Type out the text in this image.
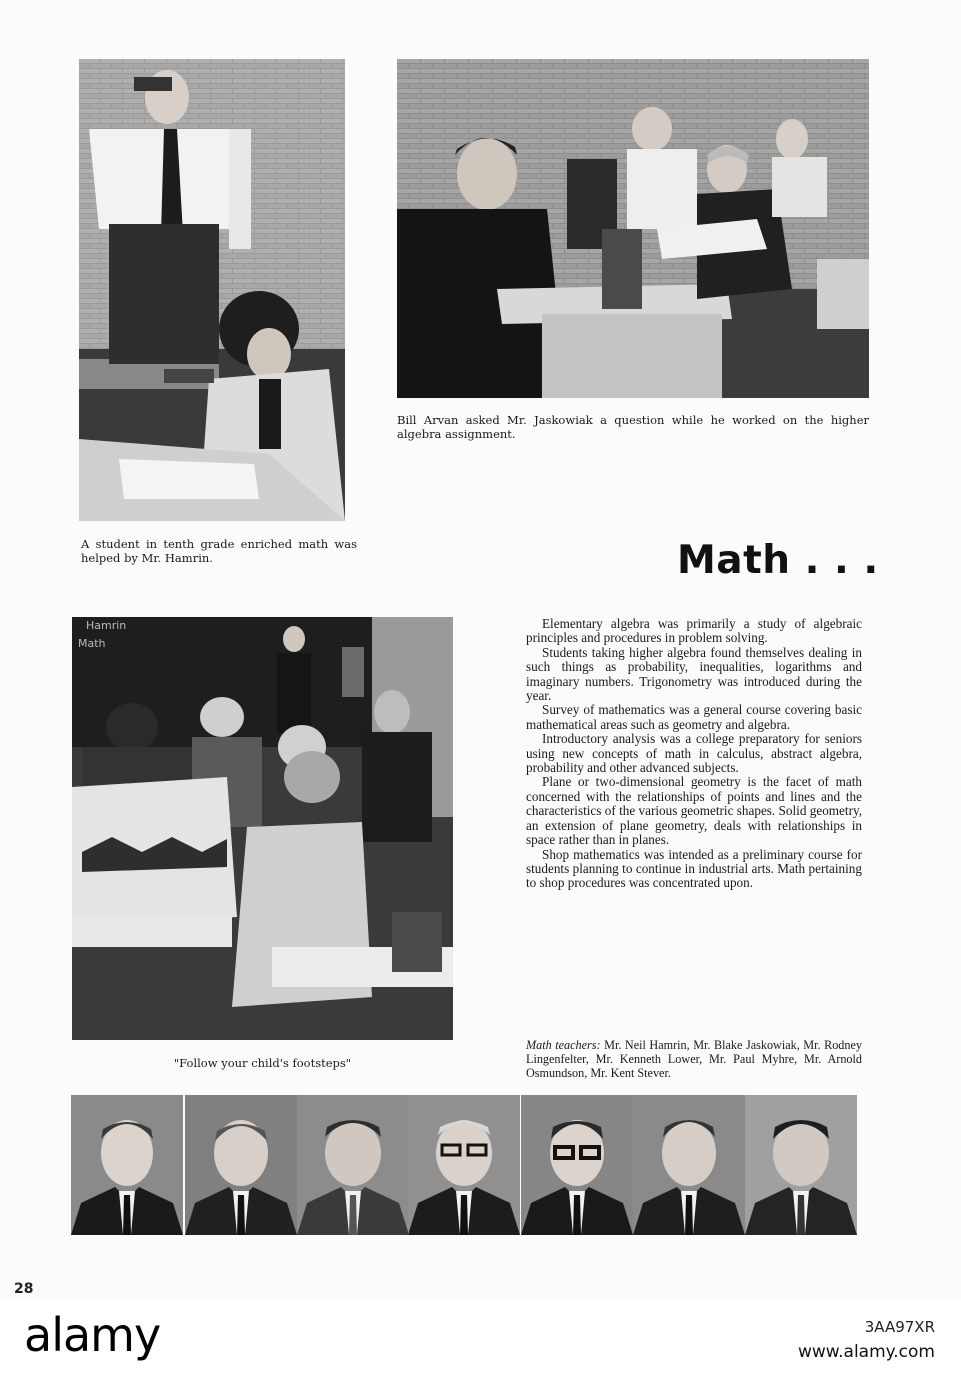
A student in tenth grade enriched math was helped by Mr. Hamrin.
Bill Arvan asked Mr. Jaskowiak a question while he worked on the higher algebra assignment.
Math . . .
Hamrin
Math
"Follow your child's footsteps"

Elementary algebra was primarily a study of algebraic principles and procedures in problem solving.

Students taking higher algebra found themselves dealing in such things as probability, inequalities, logarithms and imaginary numbers. Trigonometry was introduced during the year.

Survey of mathematics was a general course covering basic mathematical areas such as geometry and algebra.

Introductory analysis was a college preparatory for seniors using new concepts of math in calculus, abstract algebra, probability and other advanced subjects.

Plane or two-dimensional geometry is the facet of math concerned with the relationships of points and lines and the characteristics of the various geometric shapes. Solid geometry, an extension of plane geometry, deals with relationships in space rather than in planes.

Shop mathematics was intended as a preliminary course for students planning to continue in industrial arts. Math pertaining to shop procedures was concentrated upon.

Math teachers: Mr. Neil Hamrin, Mr. Blake Jaskowiak, Mr. Rodney Lingenfelter, Mr. Kenneth Lower, Mr. Paul Myhre, Mr. Arnold Osmundson, Mr. Kent Stever.
28
alamy	3AA97XR
www.alamy.com
